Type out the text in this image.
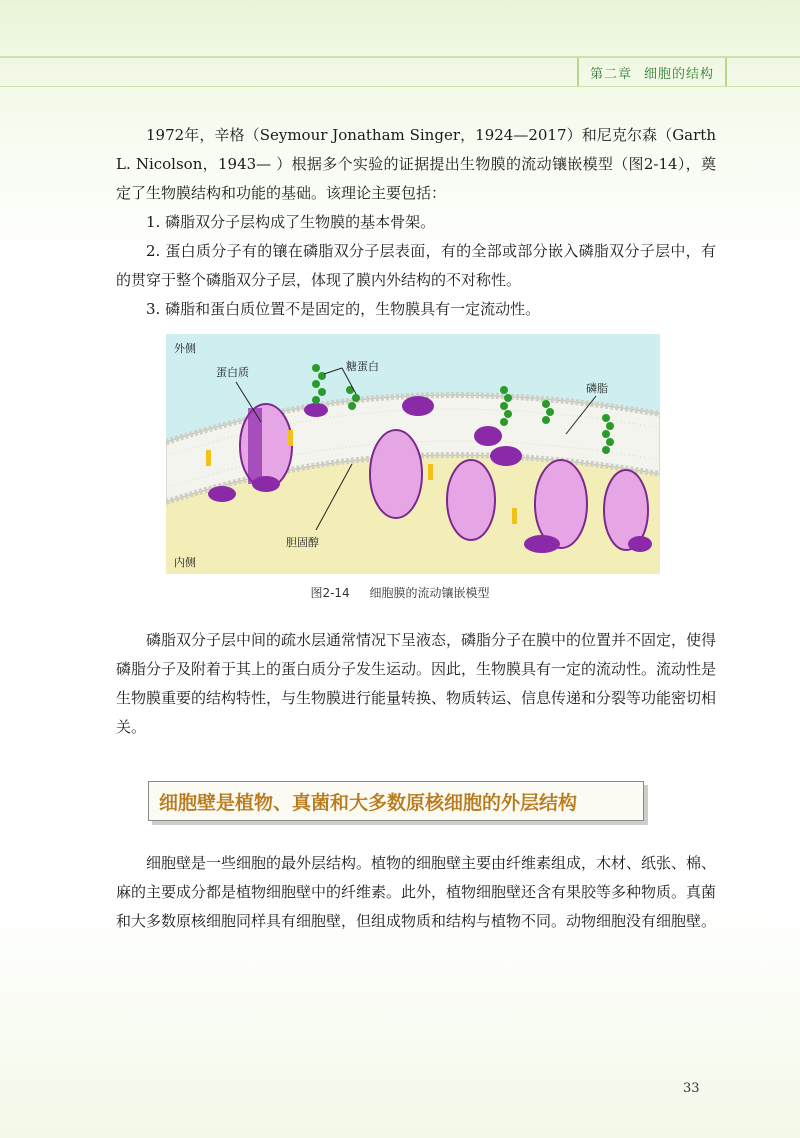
第二章 细胞的结构

1972年，辛格（Seymour Jonatham Singer，1924—2017）和尼克尔森（Garth L. Nicolson，1943— ）根据多个实验的证据提出生物膜的流动镶嵌模型（图2-14），奠定了生物膜结构和功能的基础。该理论主要包括：

1. 磷脂双分子层构成了生物膜的基本骨架。

2. 蛋白质分子有的镶在磷脂双分子层表面，有的全部或部分嵌入磷脂双分子层中，有的贯穿于整个磷脂双分子层，体现了膜内外结构的不对称性。

3. 磷脂和蛋白质位置不是固定的，生物膜具有一定流动性。

外侧
内侧
蛋白质	糖蛋白
磷脂
胆固醇
图2-14 细胞膜的流动镶嵌模型

磷脂双分子层中间的疏水层通常情况下呈液态，磷脂分子在膜中的位置并不固定，使得磷脂分子及附着于其上的蛋白质分子发生运动。因此，生物膜具有一定的流动性。流动性是生物膜重要的结构特性，与生物膜进行能量转换、物质转运、信息传递和分裂等功能密切相关。

细胞壁是植物、真菌和大多数原核细胞的外层结构

细胞壁是一些细胞的最外层结构。植物的细胞壁主要由纤维素组成，木材、纸张、棉、麻的主要成分都是植物细胞壁中的纤维素。此外，植物细胞壁还含有果胶等多种物质。真菌和大多数原核细胞同样具有细胞壁，但组成物质和结构与植物不同。动物细胞没有细胞壁。

33
